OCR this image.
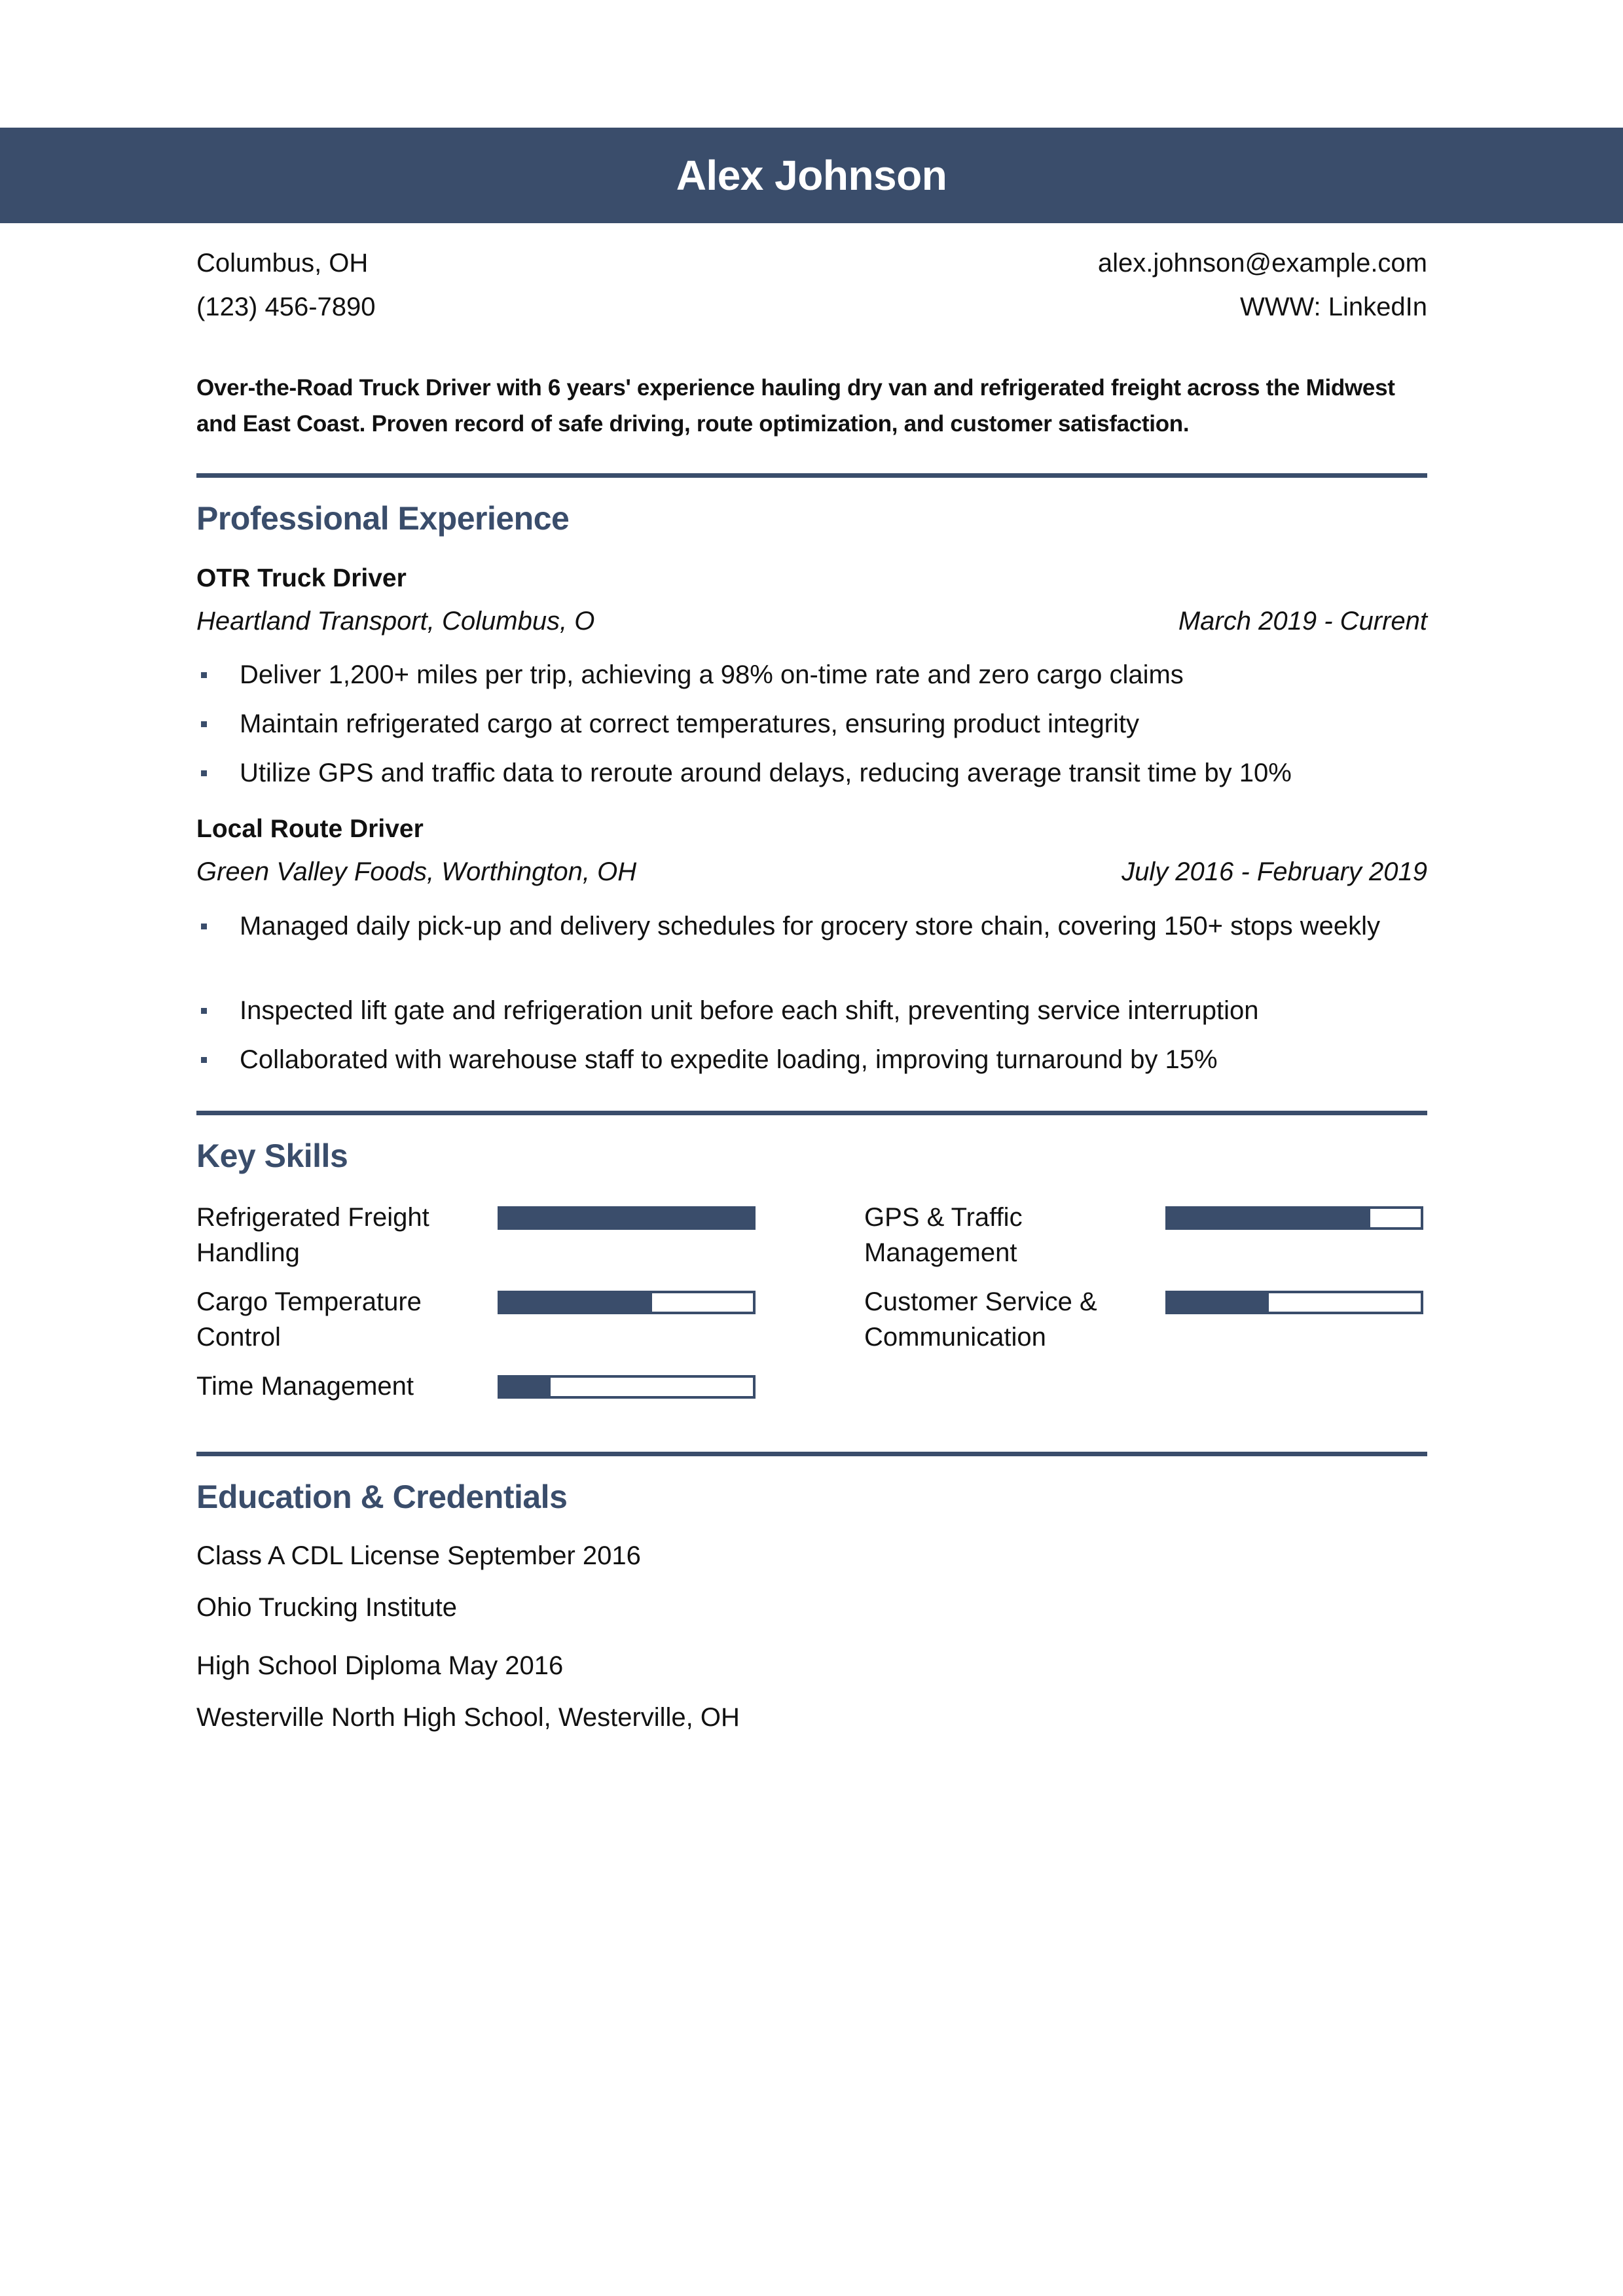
Alex Johnson
Columbus, OH
(123) 456-7890
alex.johnson@example.com
WWW: LinkedIn
Over-the-Road Truck Driver with 6 years' experience hauling dry van and refrigerated freight across the Midwest and East Coast. Proven record of safe driving, route optimization, and customer satisfaction.
Professional Experience
OTR Truck Driver
Heartland Transport, Columbus, O	March 2019 - Current
Deliver 1,200+ miles per trip, achieving a 98% on-time rate and zero cargo claims
Maintain refrigerated cargo at correct temperatures, ensuring product integrity
Utilize GPS and traffic data to reroute around delays, reducing average transit time by 10%
Local Route Driver
Green Valley Foods, Worthington, OH	July 2016 - February 2019
Managed daily pick-up and delivery schedules for grocery store chain, covering 150+ stops weekly
Inspected lift gate and refrigeration unit before each shift, preventing service interruption
Collaborated with warehouse staff to expedite loading, improving turnaround by 15%
Key Skills
Refrigerated Freight Handling
GPS & Traffic Management
Cargo Temperature Control
Customer Service & Communication
Time Management
Education & Credentials
Class A CDL License September 2016
Ohio Trucking Institute
High School Diploma May 2016
Westerville North High School, Westerville, OH
